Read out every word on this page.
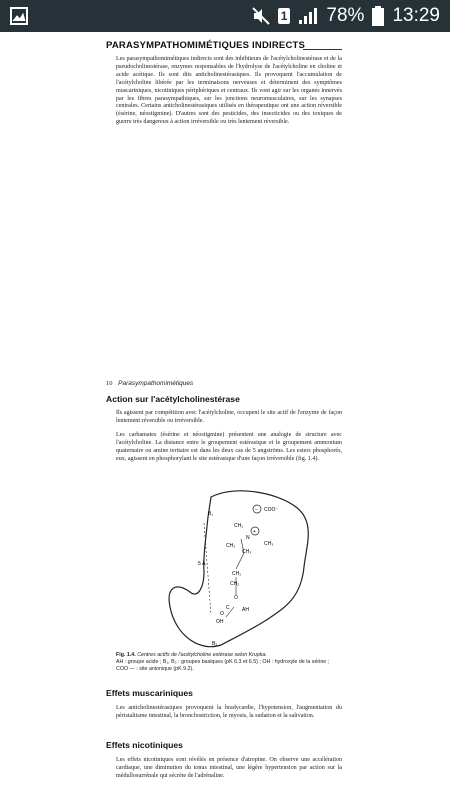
1 78% 13:29
PARASYMPATHOMIMÉTIQUES INDIRECTS

Les parasympathomimétiques indirects sont des inhibiteurs de l'acétylcholinestérase et de la pseudocholinestérase, enzymes responsables de l'hydrolyse de l'acétylcholine en choline et acide acétique. Ils sont dits anticholinestérasiques. Ils provoquent l'accumulation de l'acétylcholine libérée par les terminaisons nerveuses et déterminent des symptômes muscariniques, nicotiniques périphériques et centraux. Ils vont agir sur les organes innervés par les fibres parasympathiques, sur les jonctions neuromusculaires, sur les synapses centrales. Certains anticholinestérasiques utilisés en thérapeutique ont une action réversible (ésérine, néostigmine). D'autres sont des pesticides, des insecticides ou des toxiques de guerre très dangereux à action irréversible ou très lentement réversible.

10 Parasympathomimétiques
Action sur l'acétylcholinestérase

Ils agissent par compétition avec l'acétylcholine, occupent le site actif de l'enzyme de façon lentement réversible ou irréversible.

Les carbamates (ésérine et néostigmine) présentent une analogie de structure avec l'acétylcholine. La distance entre le groupement estérasique et le groupement ammonium quaternaire ou amine tertiaire est dans les deux cas de 5 angströms. Les esters phosphorés, eux, agissent en phosphorylant le site estérasique d'une façon irréversible (fig. 1.4).

COO⁻
−
+
CH₂
CH₃	CH₃
CH₃
N
CH₂
CH₂
O
C
O
OH
B₁
B₂
AH
5 Å

Fig. 1.4. Centres actifs de l'acétylcholine estérase selon Krupka.
AH : groupe acide ; B₁, B₂ : groupes basiques (pK 6.3 et 6.5) ; OH : hydroxyle de la sérine ; COO — : site anionique (pK 9.2).

Effets muscariniques

Les anticholinestérasiques provoquent la bradycardie, l'hypotension, l'augmentation du péristaltisme intestinal, la bronchostriction, le myosis, la sudation et la salivation.

Effets nicotiniques

Les effets nicotiniques sont révélés en présence d'atropine. On observe une accélération cardiaque, une diminution du tonus intestinal, une légère hypertension par action sur la médullosurrénale qui sécrète de l'adrénaline.
